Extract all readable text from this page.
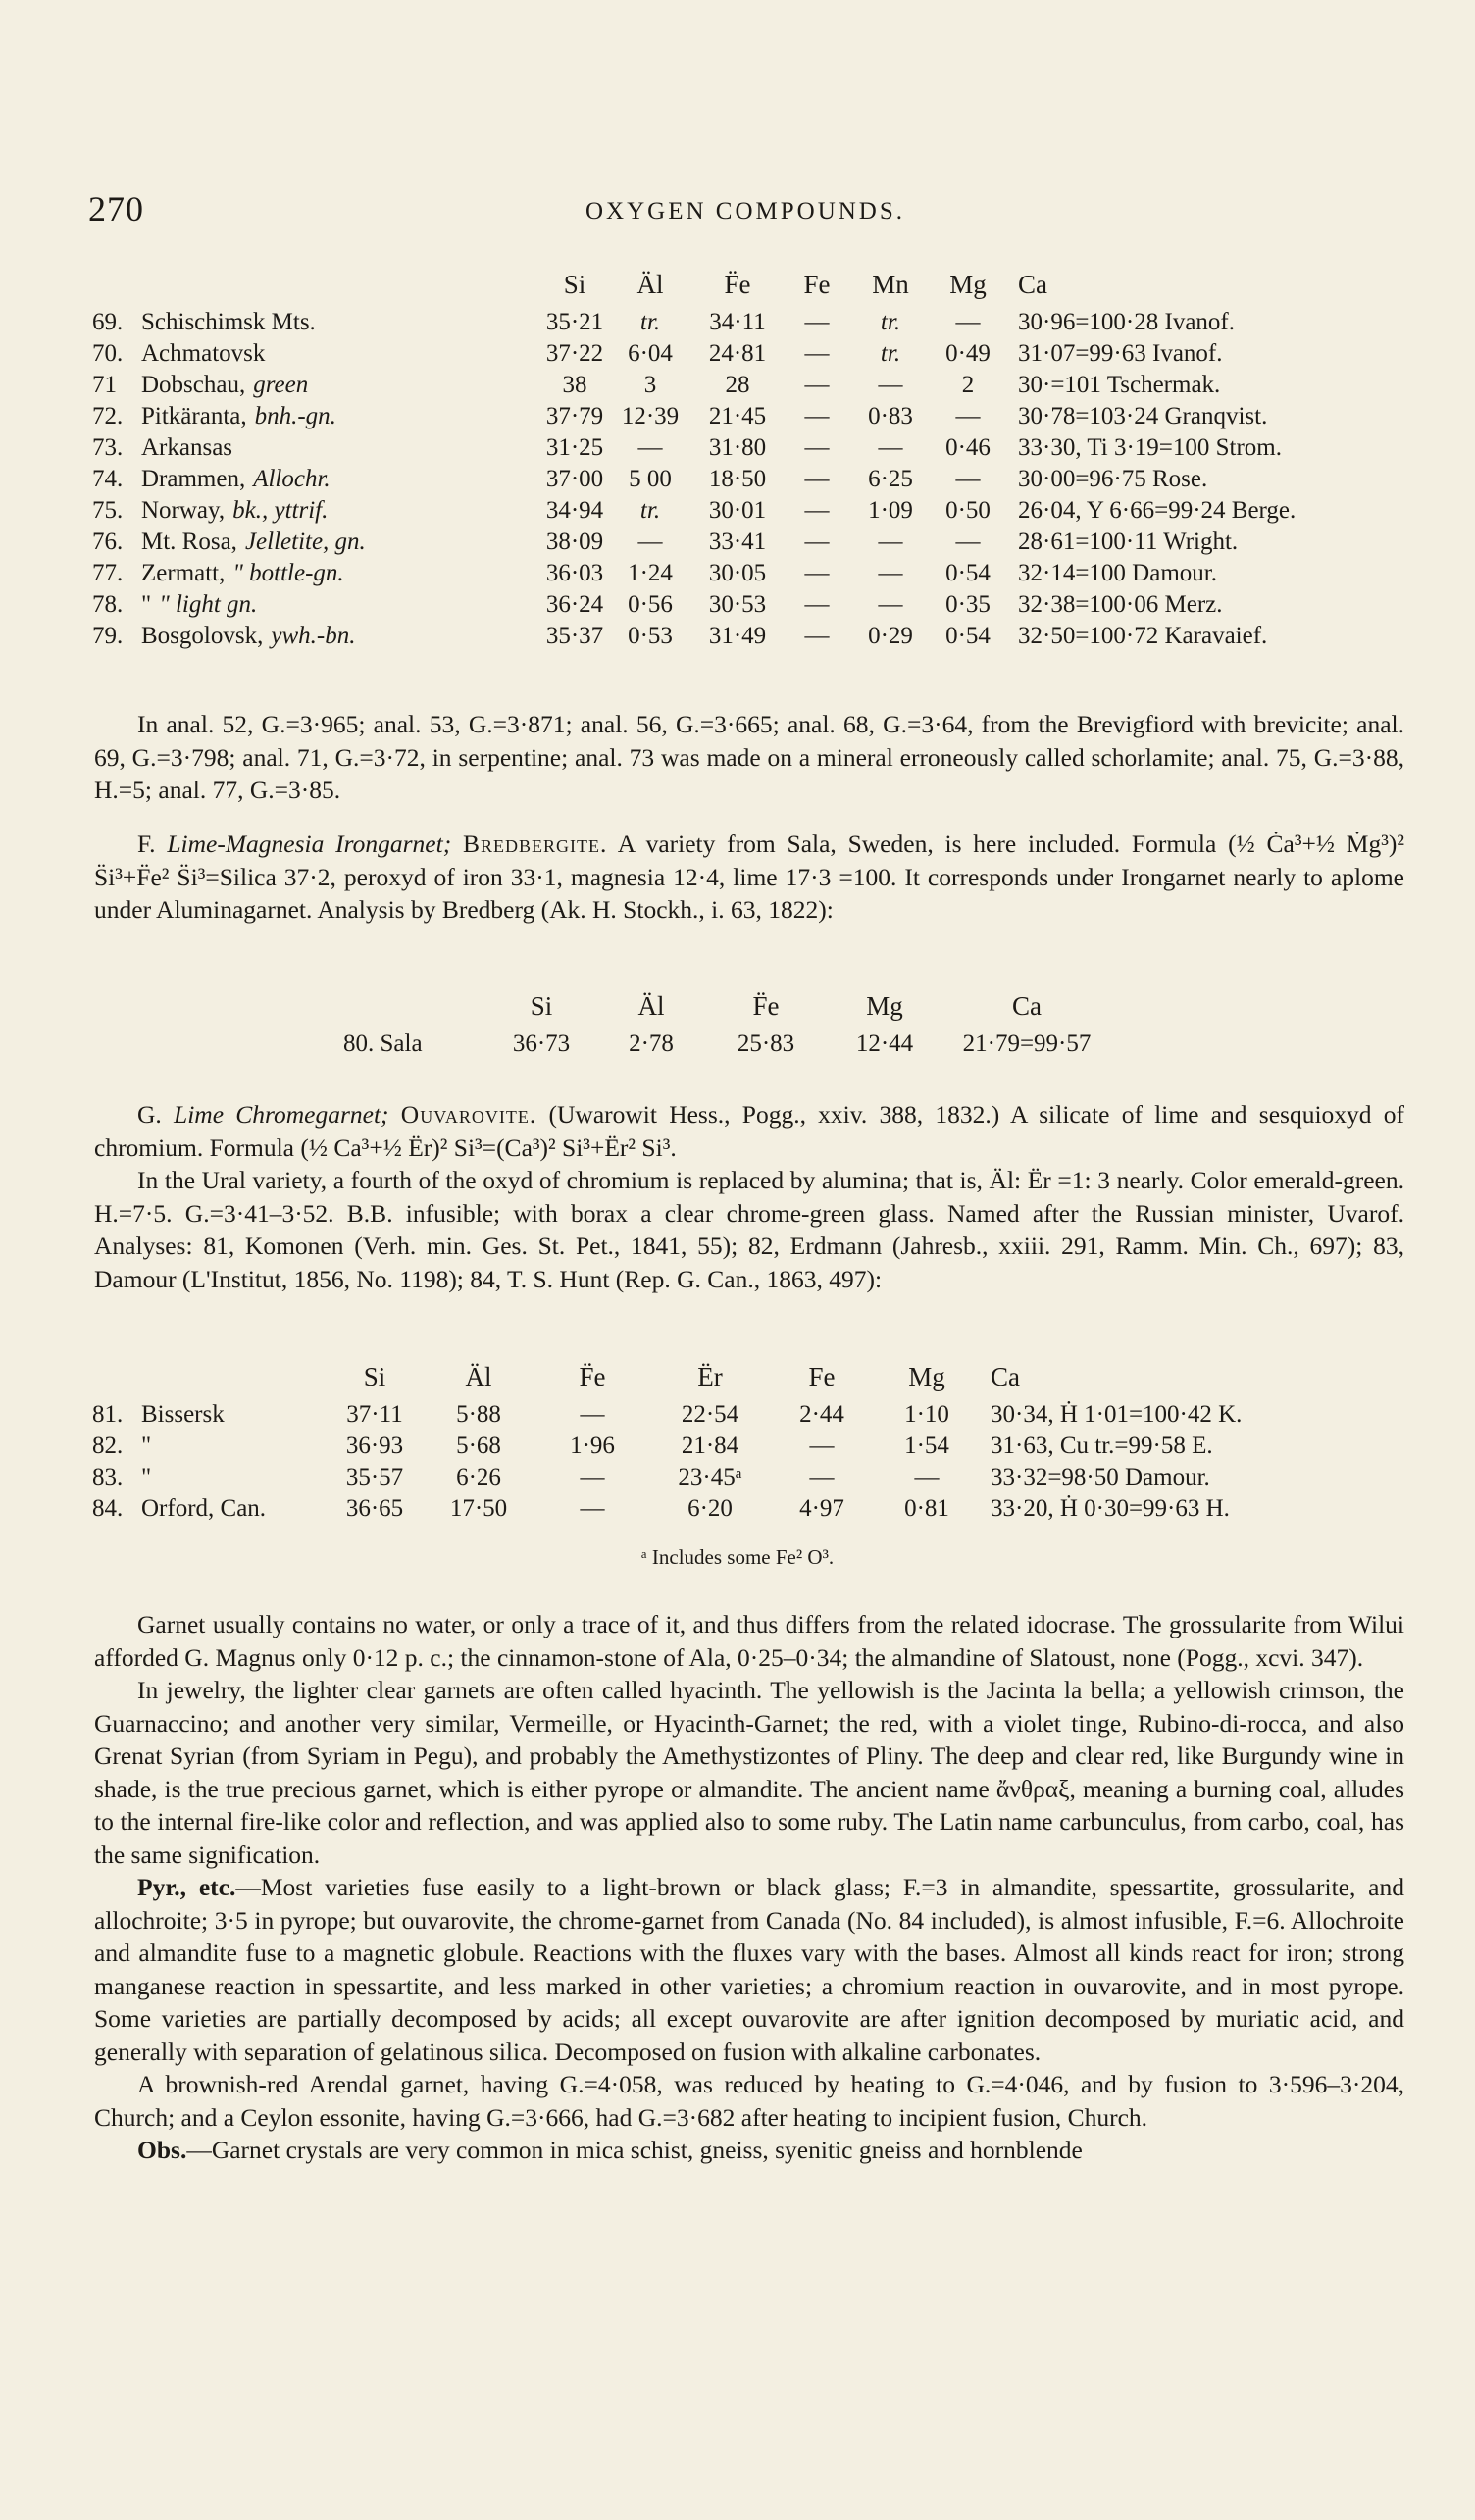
270	OXYGEN COMPOUNDS.
		Si	Äl	F̈e	Fe	Mn	Mg	Ca
69.	Schischimsk Mts.	35·21	tr.	34·11	—	tr.	—	30·96=100·28 Ivanof.
70.	Achmatovsk	37·22	6·04	24·81	—	tr.	0·49	31·07=99·63 Ivanof.
71	Dobschau, green	38	3	28	—	—	2	30·=101 Tschermak.
72.	Pitkäranta, bnh.-gn.	37·79	12·39	21·45	—	0·83	—	30·78=103·24 Granqvist.
73.	Arkansas	31·25	—	31·80	—	—	0·46	33·30, Ti 3·19=100 Strom.
74.	Drammen, Allochr.	37·00	5 00	18·50	—	6·25	—	30·00=96·75 Rose.
75.	Norway, bk., yttrif.	34·94	tr.	30·01	—	1·09	0·50	26·04, Y 6·66=99·24 Berge.
76.	Mt. Rosa, Jelletite, gn.	38·09	—	33·41	—	—	—	28·61=100·11 Wright.
77.	Zermatt, " bottle-gn.	36·03	1·24	30·05	—	—	0·54	32·14=100 Damour.
78.	" " light gn.	36·24	0·56	30·53	—	—	0·35	32·38=100·06 Merz.
79.	Bosgolovsk, ywh.-bn.	35·37	0·53	31·49	—	0·29	0·54	32·50=100·72 Karavaief.

In anal. 52, G.=3·965; anal. 53, G.=3·871; anal. 56, G.=3·665; anal. 68, G.=3·64, from the Brevigfiord with brevicite; anal. 69, G.=3·798; anal. 71, G.=3·72, in serpentine; anal. 73 was made on a mineral erroneously called schorlamite; anal. 75, G.=3·88, H.=5; anal. 77, G.=3·85.

F. Lime-Magnesia Irongarnet; Bredbergite. A variety from Sala, Sweden, is here included. Formula (½ Ċa³+½ Ṁg³)² S̈i³+F̈e² S̈i³=Silica 37·2, peroxyd of iron 33·1, magnesia 12·4, lime 17·3 =100. It corresponds under Irongarnet nearly to aplome under Aluminagarnet. Analysis by Bredberg (Ak. H. Stockh., i. 63, 1822):

	Si	Äl	F̈e	Mg	Ca
80. Sala	36·73	2·78	25·83	12·44	21·79=99·57

G. Lime Chromegarnet; Ouvarovite. (Uwarowit Hess., Pogg., xxiv. 388, 1832.) A silicate of lime and sesquioxyd of chromium. Formula (½ Ca³+½ Ër)² Si³=(Ca³)² Si³+Ër² Si³.

In the Ural variety, a fourth of the oxyd of chromium is replaced by alumina; that is, Äl: Ër =1: 3 nearly. Color emerald-green. H.=7·5. G.=3·41–3·52. B.B. infusible; with borax a clear chrome-green glass. Named after the Russian minister, Uvarof. Analyses: 81, Komonen (Verh. min. Ges. St. Pet., 1841, 55); 82, Erdmann (Jahresb., xxiii. 291, Ramm. Min. Ch., 697); 83, Damour (L'Institut, 1856, No. 1198); 84, T. S. Hunt (Rep. G. Can., 1863, 497):

		Si	Äl	F̈e	Ër	Fe	Mg	Ca
81.	Bissersk	37·11	5·88	—	22·54	2·44	1·10	30·34, Ḣ 1·01=100·42 K.
82.	"	36·93	5·68	1·96	21·84	—	1·54	31·63, Cu tr.=99·58 E.
83.	"	35·57	6·26	—	23·45ᵃ	—	—	33·32=98·50 Damour.
84.	Orford, Can.	36·65	17·50	—	6·20	4·97	0·81	33·20, Ḣ 0·30=99·63 H.
ᵃ Includes some Fe² O³.

Garnet usually contains no water, or only a trace of it, and thus differs from the related idocrase. The grossularite from Wilui afforded G. Magnus only 0·12 p. c.; the cinnamon-stone of Ala, 0·25–0·34; the almandine of Slatoust, none (Pogg., xcvi. 347).

In jewelry, the lighter clear garnets are often called hyacinth. The yellowish is the Jacinta la bella; a yellowish crimson, the Guarnaccino; and another very similar, Vermeille, or Hyacinth-Garnet; the red, with a violet tinge, Rubino-di-rocca, and also Grenat Syrian (from Syriam in Pegu), and probably the Amethystizontes of Pliny. The deep and clear red, like Burgundy wine in shade, is the true precious garnet, which is either pyrope or almandite. The ancient name ἄνθραξ, meaning a burning coal, alludes to the internal fire-like color and reflection, and was applied also to some ruby. The Latin name carbunculus, from carbo, coal, has the same signification.

Pyr., etc.—Most varieties fuse easily to a light-brown or black glass; F.=3 in almandite, spessartite, grossularite, and allochroite; 3·5 in pyrope; but ouvarovite, the chrome-garnet from Canada (No. 84 included), is almost infusible, F.=6. Allochroite and almandite fuse to a magnetic globule. Reactions with the fluxes vary with the bases. Almost all kinds react for iron; strong manganese reaction in spessartite, and less marked in other varieties; a chromium reaction in ouvarovite, and in most pyrope. Some varieties are partially decomposed by acids; all except ouvarovite are after ignition decomposed by muriatic acid, and generally with separation of gelatinous silica. Decomposed on fusion with alkaline carbonates.

A brownish-red Arendal garnet, having G.=4·058, was reduced by heating to G.=4·046, and by fusion to 3·596–3·204, Church; and a Ceylon essonite, having G.=3·666, had G.=3·682 after heating to incipient fusion, Church.

Obs.—Garnet crystals are very common in mica schist, gneiss, syenitic gneiss and hornblende
